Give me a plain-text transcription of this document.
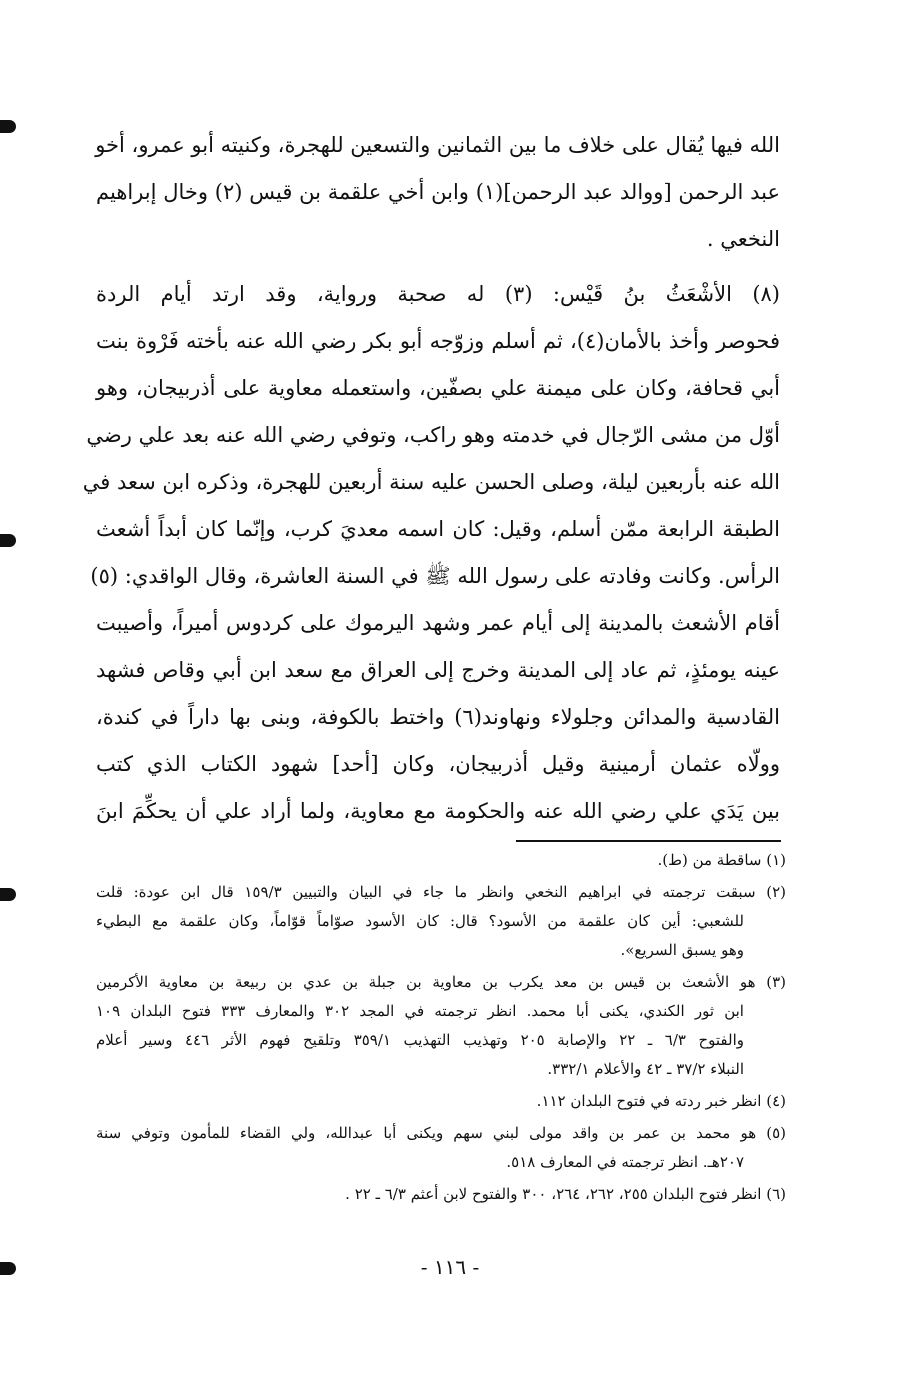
الله فيها يُقال على خلاف ما بين الثمانين والتسعين للهجرة، وكنيته أبو عمرو، أخو
عبد الرحمن [ووالد عبد الرحمن](١) وابن أخي علقمة بن قيس (٢) وخال إبراهيم
النخعي .
(٨) الأشْعَثُ بنُ قَيْس: (٣) له صحبة ورواية، وقد ارتد أيام الردة
فحوصر وأخذ بالأمان(٤)، ثم أسلم وزوّجه أبو بكر رضي الله عنه بأخته فَرْوة بنت
أبي قحافة، وكان على ميمنة علي بصفّين، واستعمله معاوية على أذربيجان، وهو
أوّل من مشى الرّجال في خدمته وهو راكب، وتوفي رضي الله عنه بعد علي رضي
الله عنه بأربعين ليلة، وصلى الحسن عليه سنة أربعين للهجرة، وذكره ابن سعد في
الطبقة الرابعة ممّن أسلم، وقيل: كان اسمه معديَ كرب، وإنّما كان أبداً أشعث
الرأس. وكانت وفادته على رسول الله ﷺ في السنة العاشرة، وقال الواقدي: (٥)
أقام الأشعث بالمدينة إلى أيام عمر وشهد اليرموك على كردوس أميراً، وأصيبت
عينه يومئذٍ، ثم عاد إلى المدينة وخرج إلى العراق مع سعد ابن أبي وقاص فشهد
القادسية والمدائن وجلولاء ونهاوند(٦) واختط بالكوفة، وبنى بها داراً في كندة،
وولّاه عثمان أرمينية وقيل أذربيجان، وكان [أحد] شهود الكتاب الذي كتب
بين يَدَي علي رضي الله عنه والحكومة مع معاوية، ولما أراد علي أن يحكِّمَ ابنَ
(١) ساقطة من (ط).
(٢) سبقت ترجمته في ابراهيم النخعي وانظر ما جاء في البيان والتبيين ١٥٩/٣ قال ابن عودة: قلت
للشعبي: أين كان علقمة من الأسود؟ قال: كان الأسود صوّاماً قوّاماً، وكان علقمة مع البطيء
وهو يسبق السريع».
(٣) هو الأشعث بن قيس بن معد يكرب بن معاوية بن جبلة بن عدي بن ربيعة بن معاوية الأكرمين
ابن ثور الكندي، يكنى أبا محمد. انظر ترجمته في المجد ٣٠٢ والمعارف ٣٣٣ فتوح البلدان ١٠٩
والفتوح ٦/٣ ـ ٢٢ والإصابة ٢٠٥ وتهذيب التهذيب ٣٥٩/١ وتلقيح فهوم الأثر ٤٤٦ وسير أعلام
النبلاء ٣٧/٢ ـ ٤٢ والأعلام ٣٣٢/١.
(٤) انظر خبر ردته في فتوح البلدان ١١٢.
(٥) هو محمد بن عمر بن واقد مولى لبني سهم ويكنى أبا عبدالله، ولي القضاء للمأمون وتوفي سنة
٢٠٧هـ. انظر ترجمته في المعارف ٥١٨.
(٦) انظر فتوح البلدان ٢٥٥، ٢٦٢، ٢٦٤، ٣٠٠ والفتوح لابن أعثم ٦/٣ ـ ٢٢ .
- ١١٦ -
